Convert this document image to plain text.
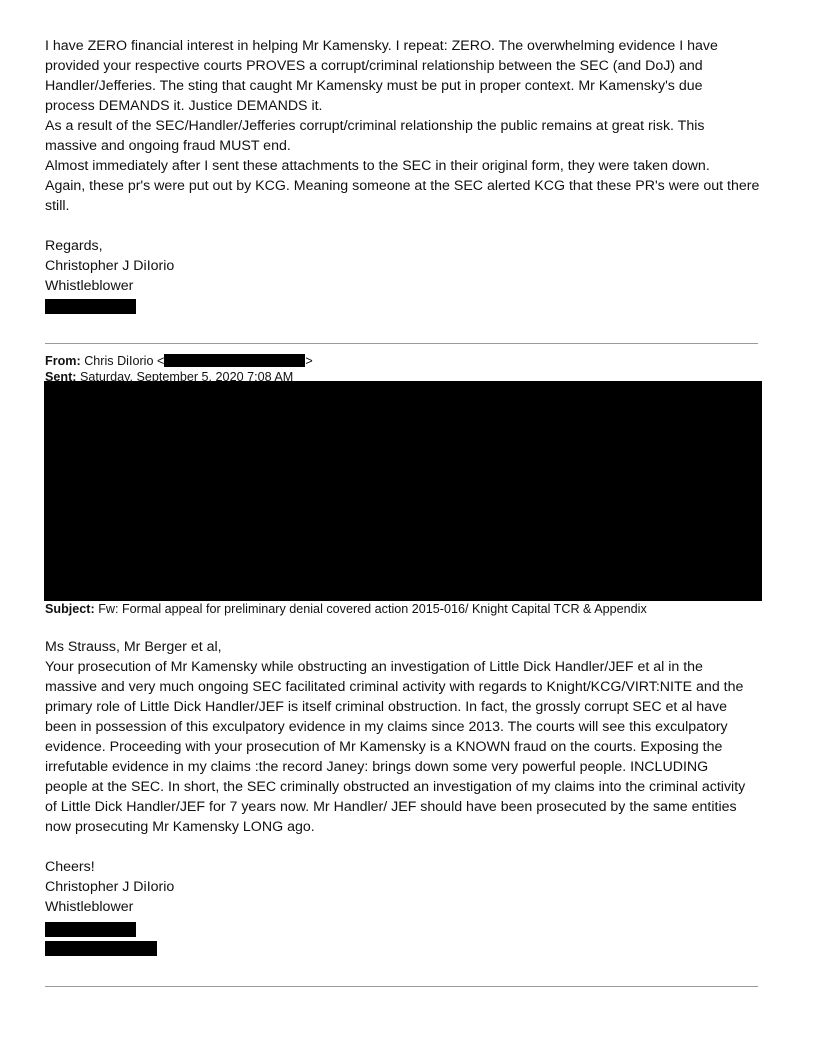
I have ZERO financial interest in helping Mr Kamensky. I repeat: ZERO. The overwhelming evidence I have

provided your respective courts PROVES a corrupt/criminal relationship between the SEC (and DoJ) and

Handler/Jefferies. The sting that caught Mr Kamensky must be put in proper context. Mr Kamensky's due

process DEMANDS it. Justice DEMANDS it.

As a result of the SEC/Handler/Jefferies corrupt/criminal relationship the public remains at great risk. This

massive and ongoing fraud MUST end.

Almost immediately after I sent these attachments to the SEC in their original form, they were taken down.

Again, these pr's were put out by KCG. Meaning someone at the SEC alerted KCG that these PR's were out there

still.

Regards,

Christopher J DiIorio

Whistleblower

From: Chris DiIorio <	>

Sent: Saturday, September 5, 2020 7:08 AM

Subject: Fw: Formal appeal for preliminary denial covered action 2015-016/ Knight Capital TCR & Appendix

Ms Strauss, Mr Berger et al,

Your prosecution of Mr Kamensky while obstructing an investigation of Little Dick Handler/JEF et al in the

massive and very much ongoing SEC facilitated criminal activity with regards to Knight/KCG/VIRT:NITE and the

primary role of Little Dick Handler/JEF is itself criminal obstruction. In fact, the grossly corrupt SEC et al have

been in possession of this exculpatory evidence in my claims since 2013. The courts will see this exculpatory

evidence. Proceeding with your prosecution of Mr Kamensky is a KNOWN fraud on the courts. Exposing the

irrefutable evidence in my claims :the record Janey: brings down some very powerful people. INCLUDING

people at the SEC. In short, the SEC criminally obstructed an investigation of my claims into the criminal activity

of Little Dick Handler/JEF for 7 years now. Mr Handler/ JEF should have been prosecuted by the same entities

now prosecuting Mr Kamensky LONG ago.

Cheers!

Christopher J DiIorio

Whistleblower
